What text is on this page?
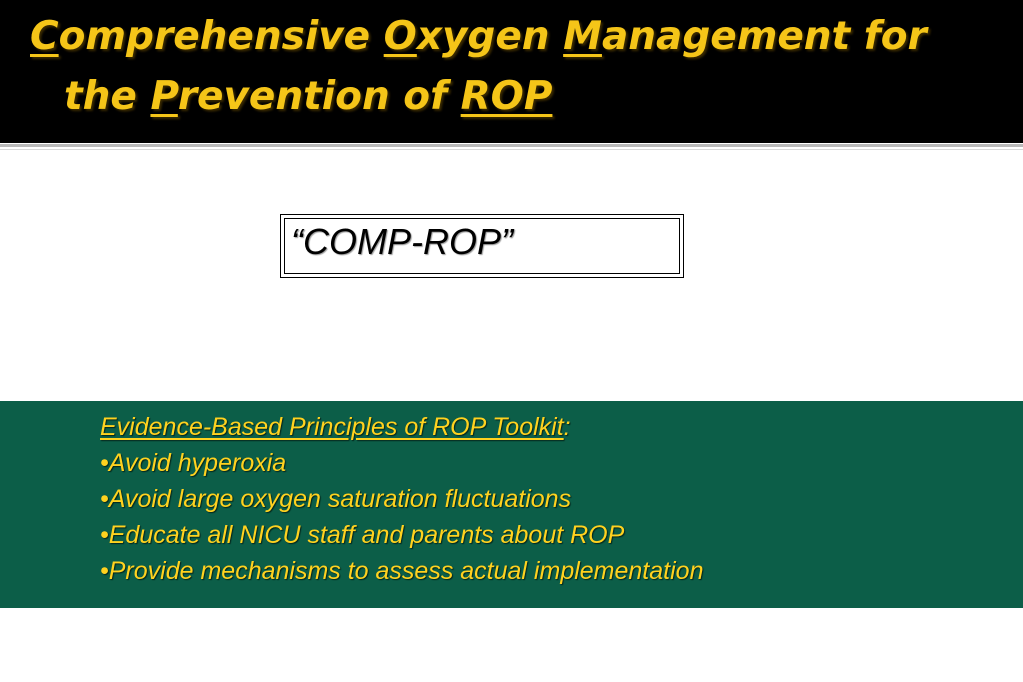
Comprehensive Oxygen Management for
the Prevention of ROP
“COMP-ROP”
Evidence-Based Principles of ROP Toolkit:
•Avoid hyperoxia
•Avoid large oxygen saturation fluctuations
•Educate all NICU staff and parents about ROP
•Provide mechanisms to assess actual implementation
